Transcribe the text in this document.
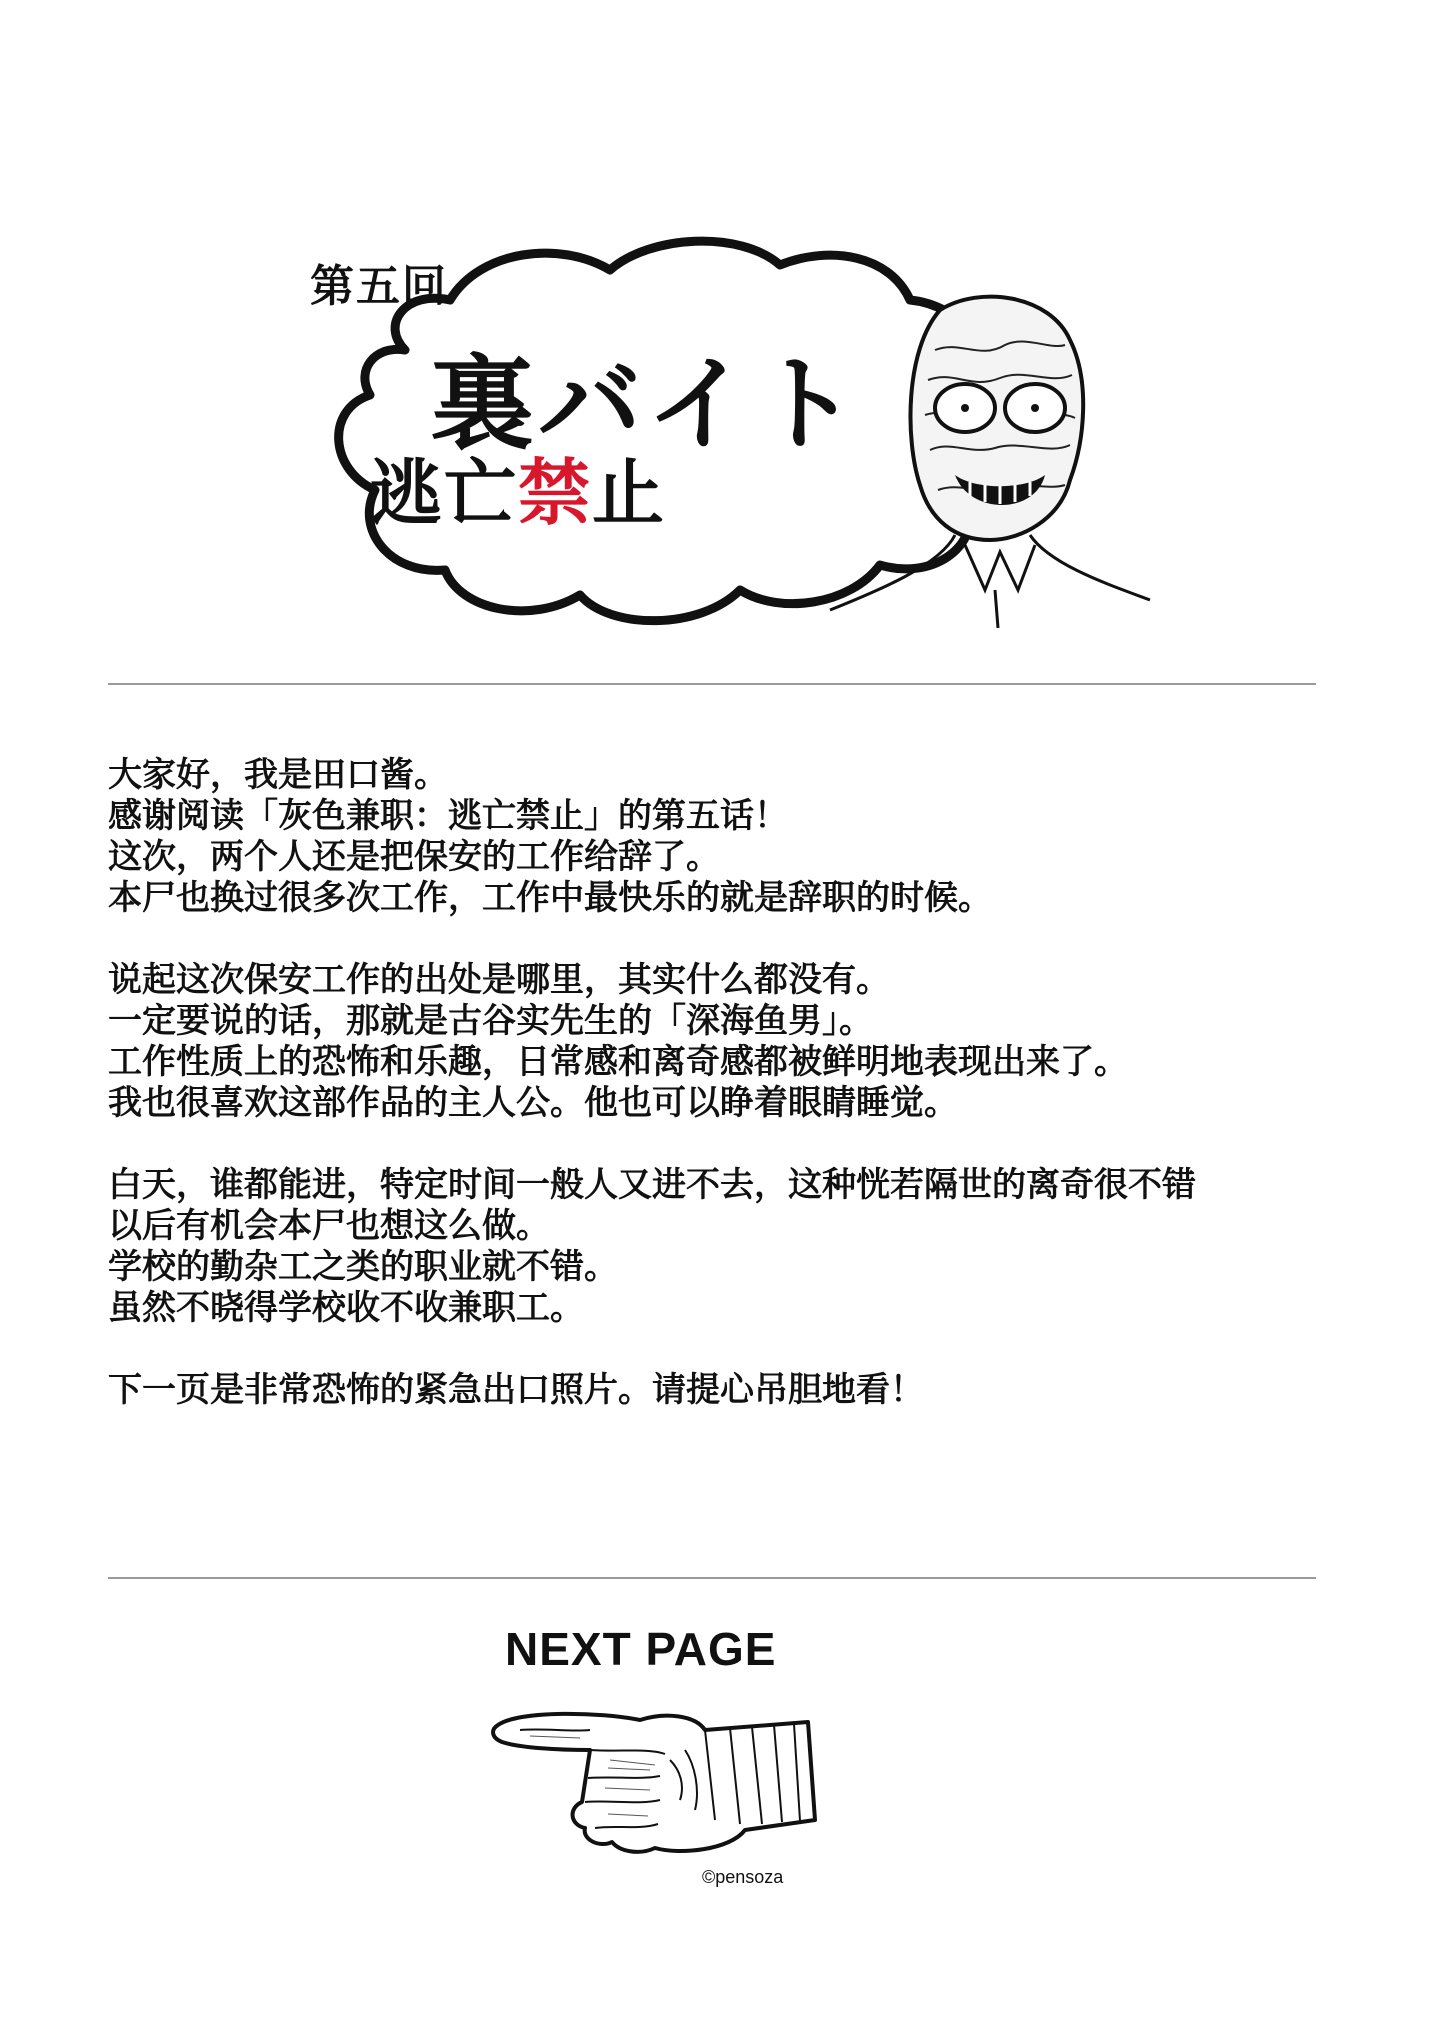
第五回
裏バイト
逃亡禁止

大家好，我是田口酱。

感谢阅读「灰色兼职：逃亡禁止」的第五话！

这次，两个人还是把保安的工作给辞了。

本尸也换过很多次工作，工作中最快乐的就是辞职的时候。

说起这次保安工作的出处是哪里，其实什么都没有。

一定要说的话，那就是古谷实先生的「深海鱼男」。

工作性质上的恐怖和乐趣，日常感和离奇感都被鲜明地表现出来了。

我也很喜欢这部作品的主人公。他也可以睁着眼睛睡觉。

白天，谁都能进，特定时间一般人又进不去，这种恍若隔世的离奇很不错

以后有机会本尸也想这么做。

学校的勤杂工之类的职业就不错。

虽然不晓得学校收不收兼职工。

下一页是非常恐怖的紧急出口照片。请提心吊胆地看！

NEXT PAGE
©pensoza
